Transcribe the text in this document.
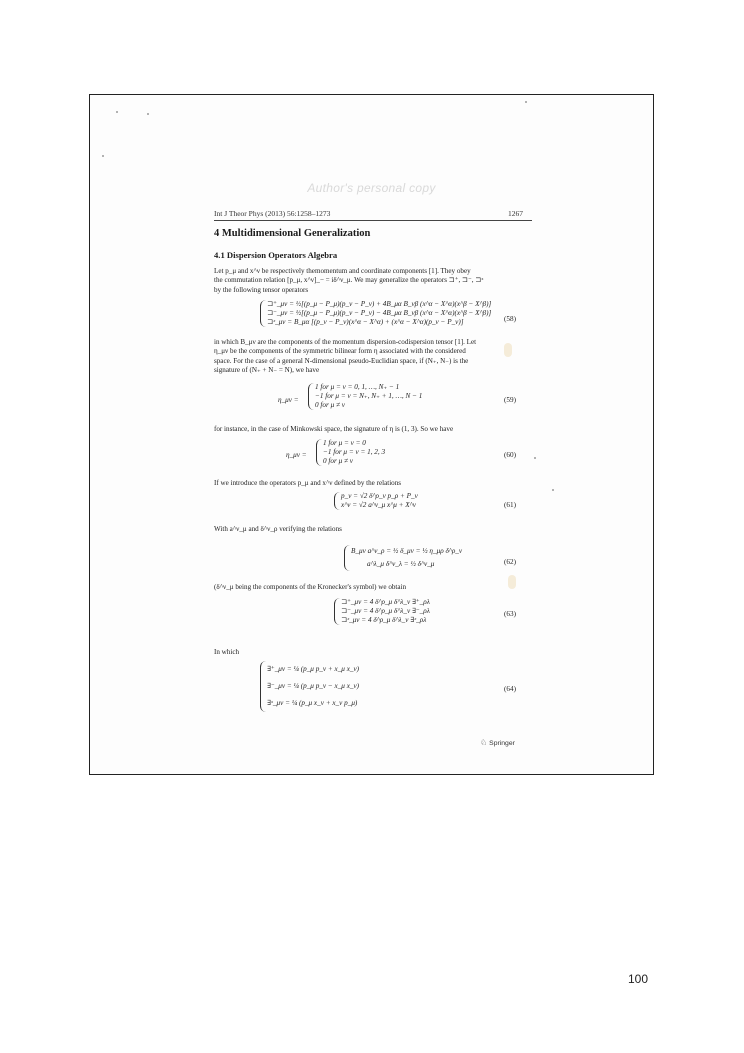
Author's personal copy
Int J Theor Phys (2013) 56:1258–1273	1267
4 Multidimensional Generalization
4.1 Dispersion Operators Algebra
Let p_μ and x^ν be respectively themomentum and coordinate components [1]. They obey
the commutation relation [p_μ, x^ν]_− = iδ^ν_μ. We may generalize the operators ⊐⁺, ⊐⁻, ⊐ˣ
by the following tensor operators
⊐⁺_μν = ½[(p_μ − P_μ)(p_ν − P_ν) + 4B_μα B_νβ (x^α − X^α)(x^β − X^β)]
⊐⁻_μν = ½[(p_μ − P_μ)(p_ν − P_ν) − 4B_μα B_νβ (x^α − X^α)(x^β − X^β)]
⊐ˣ_μν = B_μα [(p_ν − P_ν)(x^α − X^α) + (x^α − X^α)(p_ν − P_ν)]	(58)
in which B_μν are the components of the momentum dispersion-codispersion tensor [1]. Let
η_μν be the components of the symmetric bilinear form η associated with the considered
space. For the case of a general N-dimensional pseudo-Euclidian space, if (N₊, N₋) is the
signature of (N₊ + N₋ = N), we have
η_μν =
1 for μ = ν = 0, 1, …, N₊ − 1
−1 for μ = ν = N₊, N₊ + 1, …, N − 1
0 for μ ≠ ν
(59)
for instance, in the case of Minkowski space, the signature of η is (1, 3). So we have
η_μν =
1 for μ = ν = 0
−1 for μ = ν = 1, 2, 3
0 for μ ≠ ν
(60)
If we introduce the operators p_μ and x^ν defined by the relations
p_ν = √2 δ^ρ_ν p_ρ + P_ν
x^ν = √2 a^ν_μ x^μ + X^ν	(61)
With a^ν_μ and δ^ν_ρ verifying the relations
B_μν a^ν_ρ = ½ δ_μν = ½ η_μρ δ^ρ_ν
a^λ_μ δ^ν_λ = ½ δ^ν_μ	(62)
(δ^ν_μ being the components of the Kronecker's symbol) we obtain
⊐⁺_μν = 4 δ^ρ_μ δ^λ_ν ∃⁺_ρλ
⊐⁻_μν = 4 δ^ρ_μ δ^λ_ν ∃⁻_ρλ
⊐ˣ_μν = 4 δ^ρ_μ δ^λ_ν ∃ˣ_ρλ
(63)
In which
∃⁺_μν = ¼ (p_μ p_ν + x_μ x_ν)
∃⁻_μν = ¼ (p_μ p_ν − x_μ x_ν)
∃ˣ_μν = ¼ (p_μ x_ν + x_ν p_μ)
(64)
♘ Springer
100
